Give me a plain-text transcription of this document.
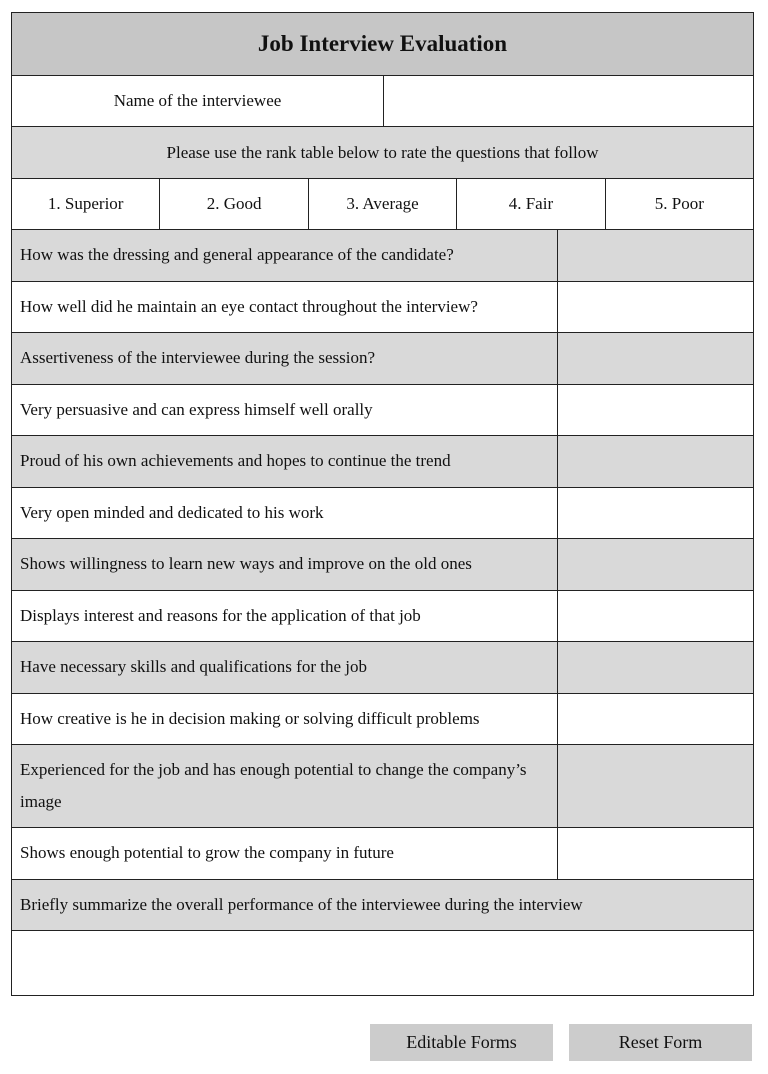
Job Interview Evaluation
Name of the interviewee
Please use the rank table below to rate the questions that follow
1. Superior	2. Good	3. Average	4. Fair	5. Poor
How was the dressing and general appearance of the candidate?
How well did he maintain an eye contact throughout the interview?
Assertiveness of the interviewee during the session?
Very persuasive and can express himself well orally
Proud of his own achievements and hopes to continue the trend
Very open minded and dedicated to his work
Shows willingness to learn new ways and improve on the old ones
Displays interest and reasons for the application of that job
Have necessary skills and qualifications for the job
How creative is he in decision making or solving difficult problems
Experienced for the job and has enough potential to change the company’s image
Shows enough potential to grow the company in future
Briefly summarize the overall performance of the interviewee during the interview
Editable Forms	Reset Form
